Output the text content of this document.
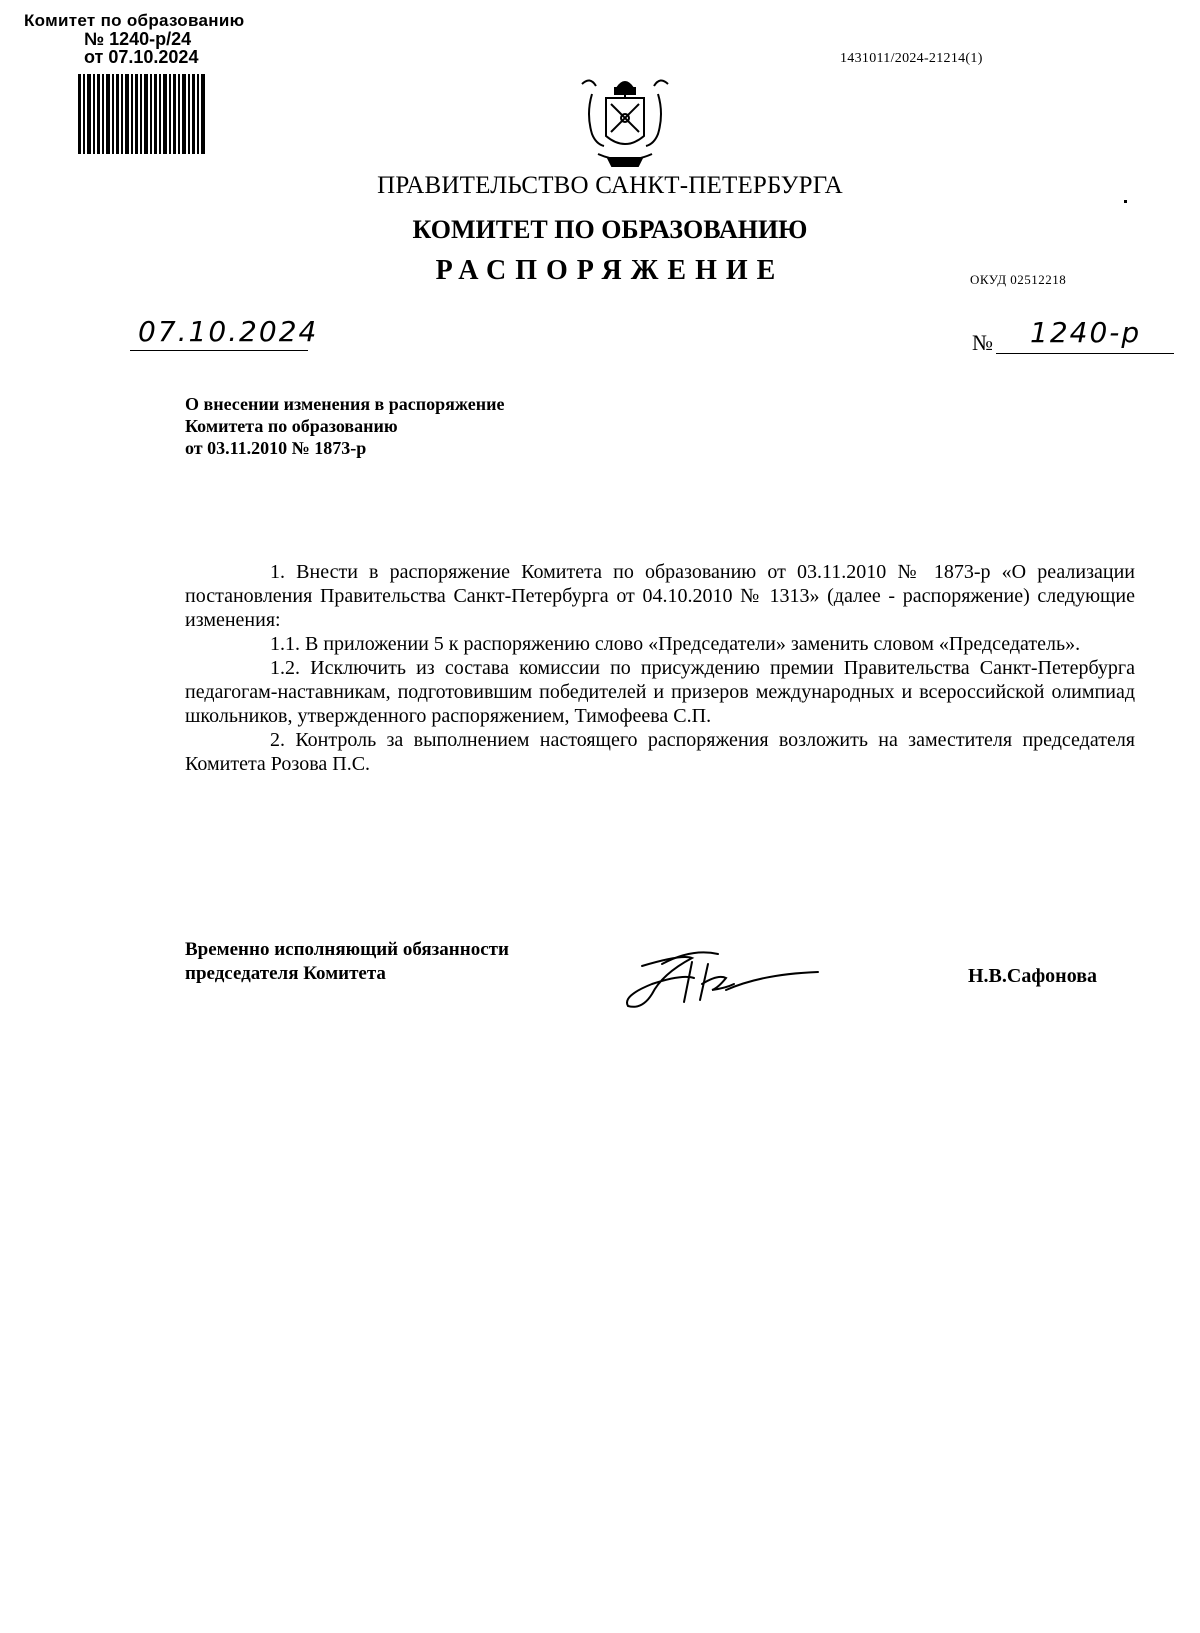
Комитет по образованию
№ 1240-р/24
от 07.10.2024	1431011/2024-21214(1)
ПРАВИТЕЛЬСТВО САНКТ-ПЕТЕРБУРГА
КОМИТЕТ ПО ОБРАЗОВАНИЮ
РАСПОРЯЖЕНИЕ	ОКУД 02512218
07.10.2024	№ 1240-р
О внесении изменения в распоряжение
Комитета по образованию
от 03.11.2010 № 1873-р

1. Внести в распоряжение Комитета по образованию от 03.11.2010 № 1873-р «О реализации постановления Правительства Санкт-Петербурга от 04.10.2010 № 1313» (далее - распоряжение) следующие изменения:

1.1. В приложении 5 к распоряжению слово «Председатели» заменить словом «Председатель».

1.2. Исключить из состава комиссии по присуждению премии Правительства Санкт-Петербурга педагогам-наставникам, подготовившим победителей и призеров международных и всероссийской олимпиад школьников, утвержденного распоряжением, Тимофеева С.П.

2. Контроль за выполнением настоящего распоряжения возложить на заместителя председателя Комитета Розова П.С.

Временно исполняющий обязанности
председателя Комитета	Н.В.Сафонова
